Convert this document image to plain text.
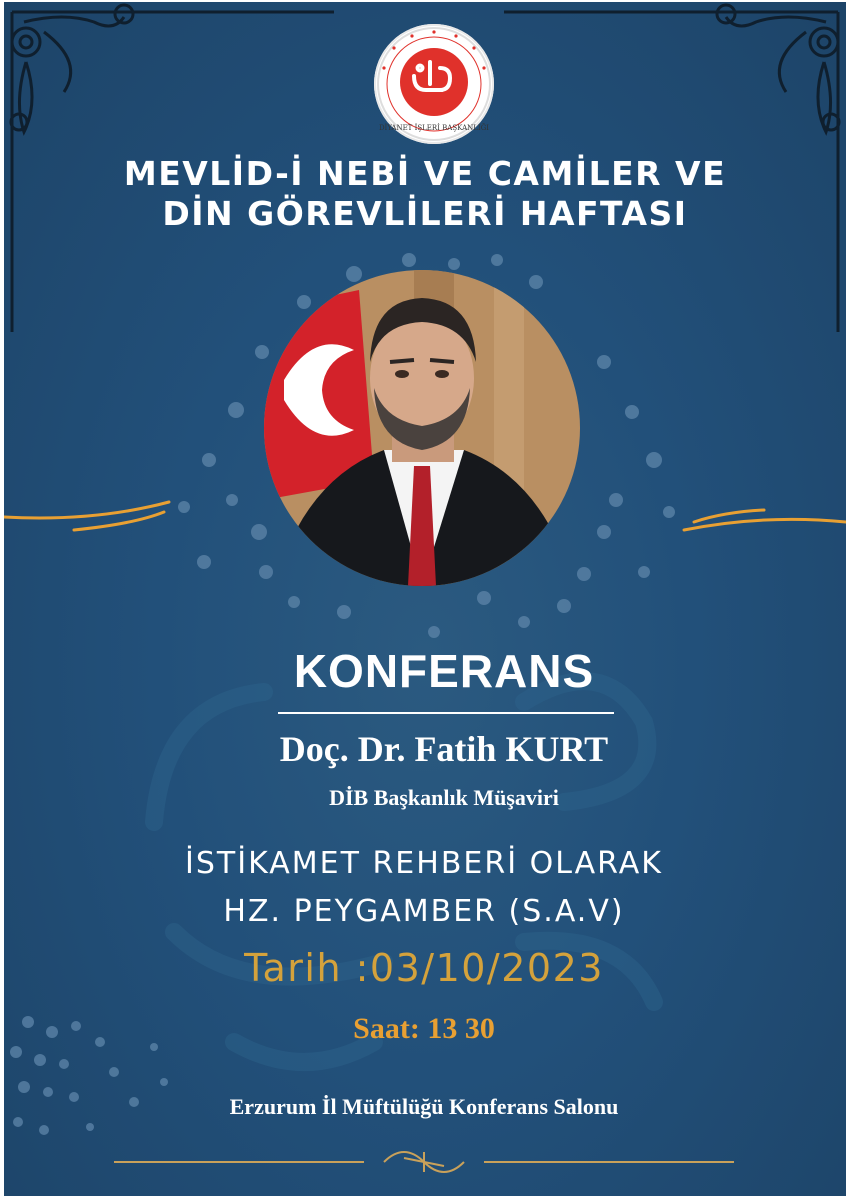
DİYANET İŞLERİ BAŞKANLIĞI
MEVLİD-İ NEBİ VE CAMİLER VE
DİN GÖREVLİLERİ HAFTASI
KONFERANS
Doç. Dr. Fatih KURT
DİB Başkanlık Müşaviri
İSTİKAMET REHBERİ OLARAK
HZ. PEYGAMBER (S.A.V)
Tarih :03/10/2023
Saat: 13 30
Erzurum İl Müftülüğü Konferans Salonu
